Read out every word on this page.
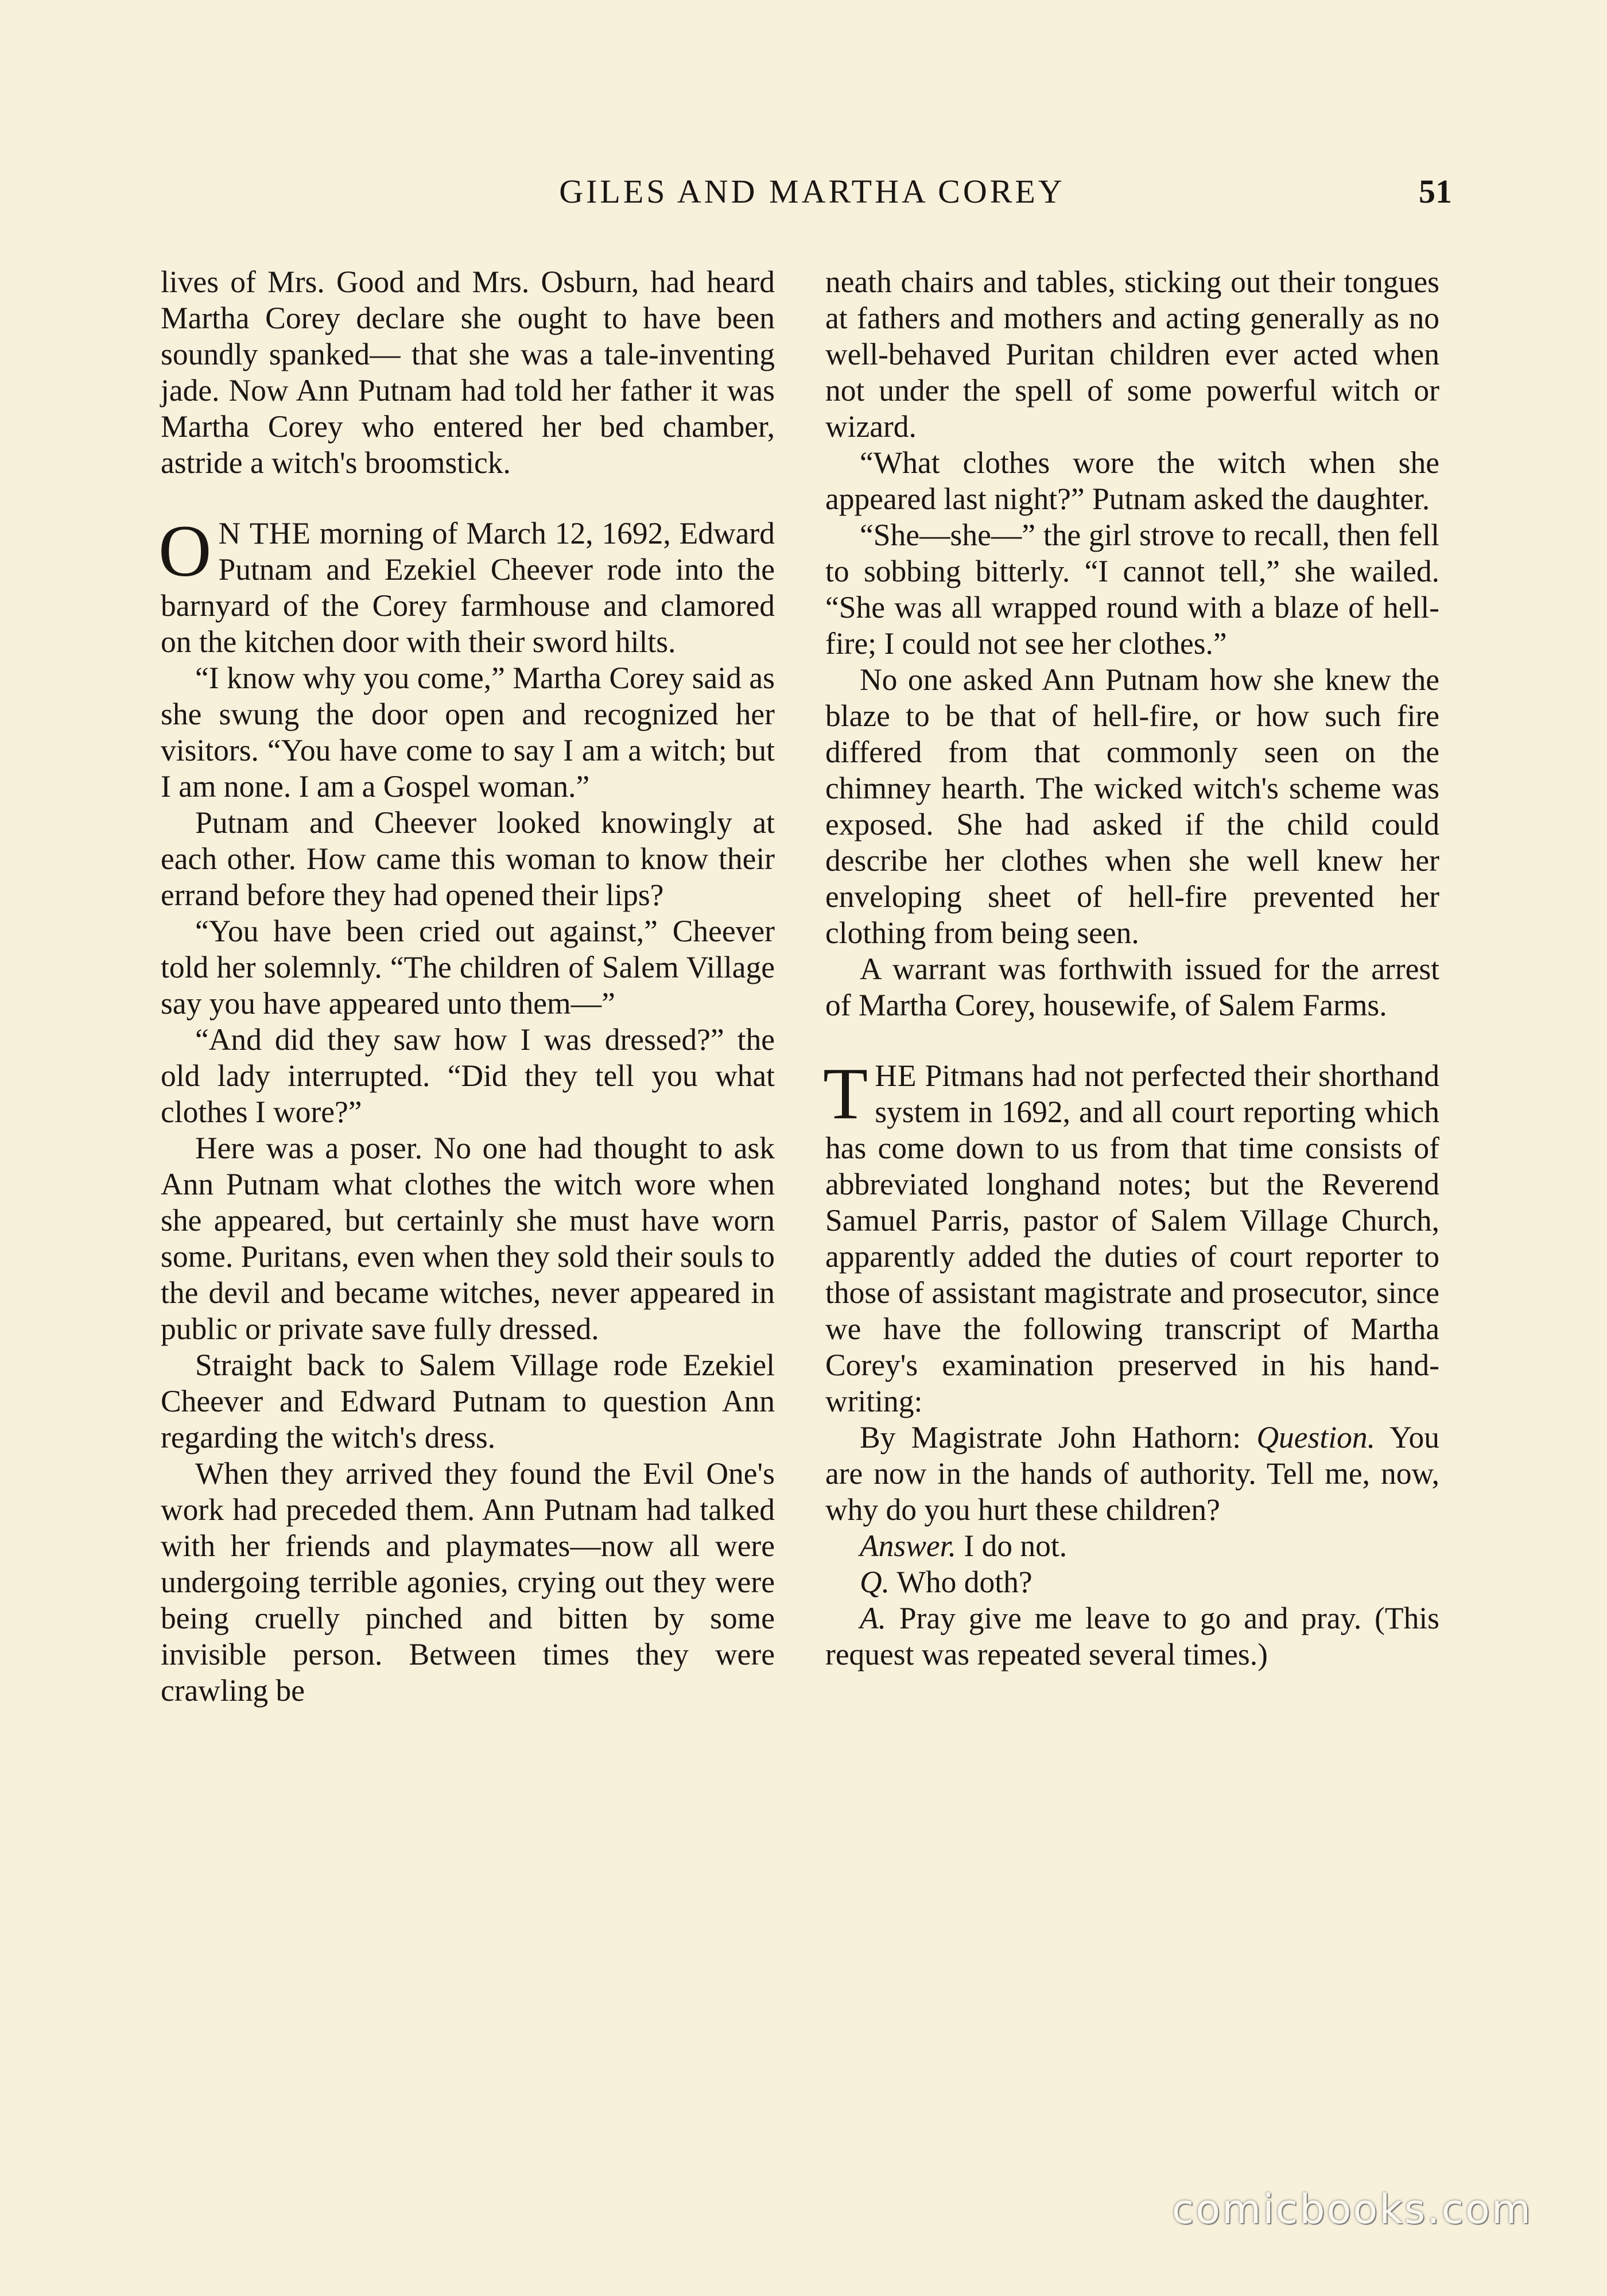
GILES AND MARTHA COREY	51

lives of Mrs. Good and Mrs. Osburn, had heard Martha Corey declare she ought to have been soundly spanked— that she was a tale-inventing jade. Now Ann Putnam had told her father it was Martha Corey who entered her bed chamber, astride a witch's broomstick.

O N THE morning of March 12, 1692, Edward Putnam and Ezekiel Cheever rode into the barnyard of the Corey farmhouse and clamored on the kitchen door with their sword hilts.

“I know why you come,” Martha Corey said as she swung the door open and recognized her visitors. “You have come to say I am a witch; but I am none. I am a Gospel woman.”

Putnam and Cheever looked knowingly at each other. How came this woman to know their errand before they had opened their lips?

“You have been cried out against,” Cheever told her solemnly. “The children of Salem Village say you have appeared unto them—”

“And did they saw how I was dressed?” the old lady interrupted. “Did they tell you what clothes I wore?”

Here was a poser. No one had thought to ask Ann Putnam what clothes the witch wore when she appeared, but certainly she must have worn some. Puritans, even when they sold their souls to the devil and became witches, never appeared in public or private save fully dressed.

Straight back to Salem Village rode Ezekiel Cheever and Edward Putnam to question Ann regarding the witch's dress.

When they arrived they found the Evil One's work had preceded them. Ann Putnam had talked with her friends and playmates—now all were undergoing terrible agonies, crying out they were being cruelly pinched and bitten by some invisible person. Between times they were crawling be

neath chairs and tables, sticking out their tongues at fathers and mothers and acting generally as no well-behaved Puritan children ever acted when not under the spell of some powerful witch or wizard.

“What clothes wore the witch when she appeared last night?” Putnam asked the daughter.

“She—she—” the girl strove to recall, then fell to sobbing bitterly. “I cannot tell,” she wailed. “She was all wrapped round with a blaze of hell-fire; I could not see her clothes.”

No one asked Ann Putnam how she knew the blaze to be that of hell-fire, or how such fire differed from that commonly seen on the chimney hearth. The wicked witch's scheme was exposed. She had asked if the child could describe her clothes when she well knew her enveloping sheet of hell-fire prevented her clothing from being seen.

A warrant was forthwith issued for the arrest of Martha Corey, housewife, of Salem Farms.

THE Pitmans had not perfected their shorthand system in 1692, and all court reporting which has come down to us from that time consists of abbreviated longhand notes; but the Reverend Samuel Parris, pastor of Salem Village Church, apparently added the duties of court reporter to those of assistant magistrate and prosecutor, since we have the following transcript of Martha Corey's examination preserved in his handwriting:

By Magistrate John Hathorn: Question. You are now in the hands of authority. Tell me, now, why do you hurt these children?

Answer. I do not.

Q. Who doth?

A. Pray give me leave to go and pray. (This request was repeated several times.)

comicbooks.com
